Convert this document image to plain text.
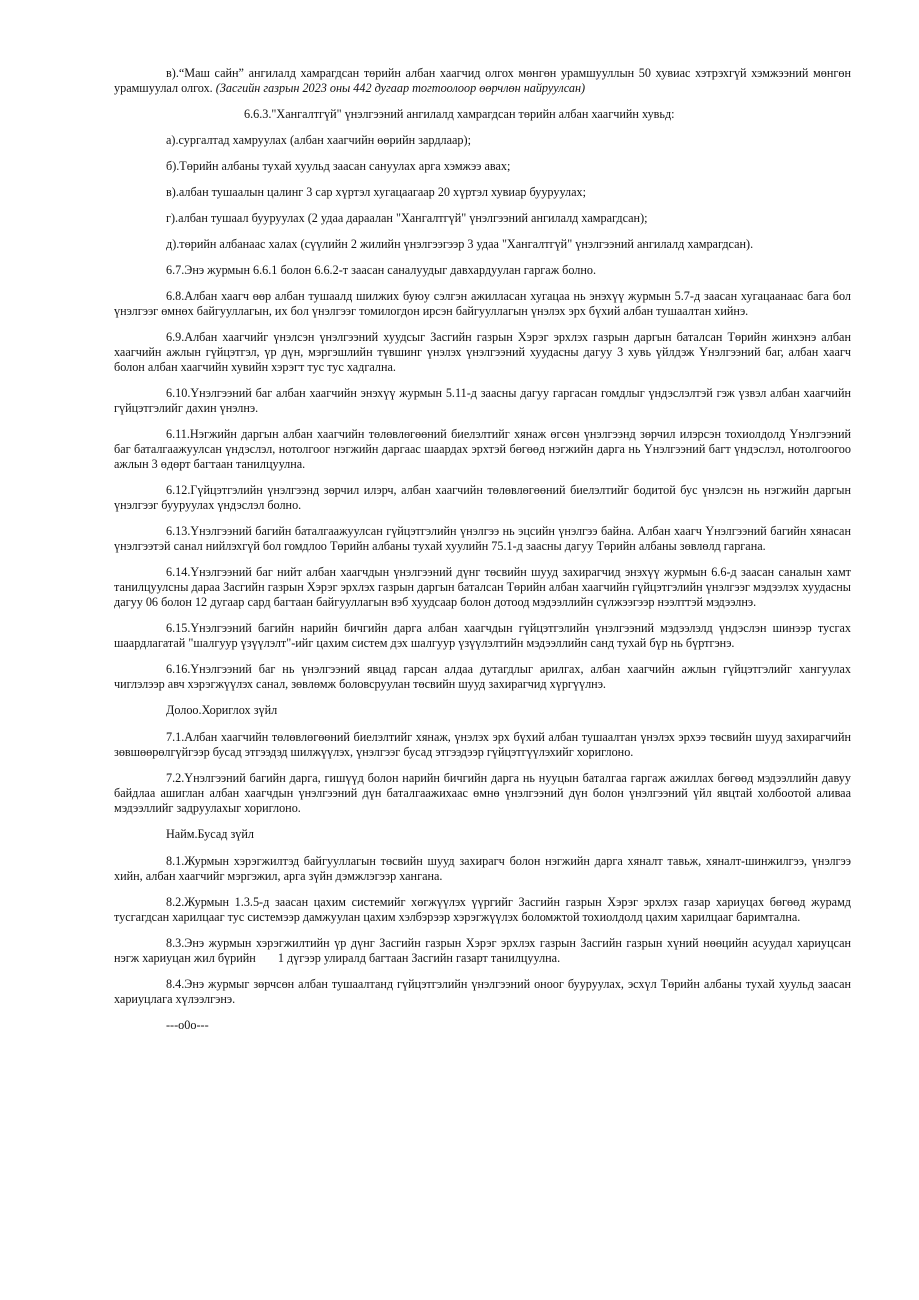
в).“Маш сайн” ангилалд хамрагдсан төрийн албан хаагчид олгох мөнгөн урамшууллын 50 хувиас хэтрэхгүй хэмжээний мөнгөн урамшуулал олгох. (Засгийн газрын 2023 оны 442 дугаар тогтоолоор өөрчлөн найруулсан)

6.6.3."Хангалтгүй" үнэлгээний ангилалд хамрагдсан төрийн албан хаагчийн хувьд:

а).сургалтад хамруулах (албан хаагчийн өөрийн зардлаар);

б).Төрийн албаны тухай хуульд заасан сануулах арга хэмжээ авах;

в).албан тушаалын цалинг 3 сар хүртэл хугацаагаар 20 хүртэл хувиар бууруулах;

г).албан тушаал бууруулах (2 удаа дараалан "Хангалтгүй" үнэлгээний ангилалд хамрагдсан);

д).төрийн албанаас халах (сүүлийн 2 жилийн үнэлгээгээр 3 удаа "Хангалтгүй" үнэлгээний ангилалд хамрагдсан).

6.7.Энэ журмын 6.6.1 болон 6.6.2-т заасан саналуудыг давхардуулан гаргаж болно.

6.8.Албан хаагч өөр албан тушаалд шилжих буюу сэлгэн ажилласан хугацаа нь энэхүү журмын 5.7-д заасан хугацаанаас бага бол үнэлгээг өмнөх байгууллагын, их бол үнэлгээг томилогдон ирсэн байгууллагын үнэлэх эрх бүхий албан тушаалтан хийнэ.

6.9.Албан хаагчийг үнэлсэн үнэлгээний хуудсыг Засгийн газрын Хэрэг эрхлэх газрын даргын баталсан Төрийн жинхэнэ албан хаагчийн ажлын гүйцэтгэл, үр дүн, мэргэшлийн түвшинг үнэлэх үнэлгээний хуудасны дагуу 3 хувь үйлдэж Үнэлгээний баг, албан хаагч болон албан хаагчийн хувийн хэрэгт тус тус хадгална.

6.10.Үнэлгээний баг албан хаагчийн энэхүү журмын 5.11-д заасны дагуу гаргасан гомдлыг үндэслэлтэй гэж үзвэл албан хаагчийн гүйцэтгэлийг дахин үнэлнэ.

6.11.Нэгжийн даргын албан хаагчийн төлөвлөгөөний биелэлтийг хянаж өгсөн үнэлгээнд зөрчил илэрсэн тохиолдолд Үнэлгээний баг баталгаажуулсан үндэслэл, нотолгоог нэгжийн даргаас шаардах эрхтэй бөгөөд нэгжийн дарга нь Үнэлгээний багт үндэслэл, нотолгоогоо ажлын 3 өдөрт багтаан танилцуулна.

6.12.Гүйцэтгэлийн үнэлгээнд зөрчил илэрч, албан хаагчийн төлөвлөгөөний биелэлтийг бодитой бус үнэлсэн нь нэгжийн даргын үнэлгээг бууруулах үндэслэл болно.

6.13.Үнэлгээний багийн баталгаажуулсан гүйцэтгэлийн үнэлгээ нь эцсийн үнэлгээ байна. Албан хаагч Үнэлгээний багийн хянасан үнэлгээтэй санал нийлэхгүй бол гомдлоо Төрийн албаны тухай хуулийн 75.1-д заасны дагуу Төрийн албаны зөвлөлд гаргана.

6.14.Үнэлгээний баг нийт албан хаагчдын үнэлгээний дүнг төсвийн шууд захирагчид энэхүү журмын 6.6-д заасан саналын хамт танилцуулсны дараа Засгийн газрын Хэрэг эрхлэх газрын даргын баталсан Төрийн албан хаагчийн гүйцэтгэлийн үнэлгээг мэдээлэх хуудасны дагуу 06 болон 12 дугаар сард багтаан байгууллагын вэб хуудсаар болон дотоод мэдээллийн сүлжээгээр нээлттэй мэдээлнэ.

6.15.Үнэлгээний багийн нарийн бичгийн дарга албан хаагчдын гүйцэтгэлийн үнэлгээний мэдээлэлд үндэслэн шинээр тусгах шаардлагатай "шалгуур үзүүлэлт"-ийг цахим систем дэх шалгуур үзүүлэлтийн мэдээллийн санд тухай бүр нь бүртгэнэ.

6.16.Үнэлгээний баг нь үнэлгээний явцад гарсан алдаа дутагдлыг арилгах, албан хаагчийн ажлын гүйцэтгэлийг хангуулах чиглэлээр авч хэрэгжүүлэх санал, зөвлөмж боловсруулан төсвийн шууд захирагчид хүргүүлнэ.

Долоо.Хориглох зүйл

7.1.Албан хаагчийн төлөвлөгөөний биелэлтийг хянаж, үнэлэх эрх бүхий албан тушаалтан үнэлэх эрхээ төсвийн шууд захирагчийн зөвшөөрөлгүйгээр бусад этгээдэд шилжүүлэх, үнэлгээг бусад этгээдээр гүйцэтгүүлэхийг хориглоно.

7.2.Үнэлгээний багийн дарга, гишүүд болон нарийн бичгийн дарга нь нууцын баталгаа гаргаж ажиллах бөгөөд мэдээллийн давуу байдлаа ашиглан албан хаагчдын үнэлгээний дүн баталгаажихаас өмнө үнэлгээний дүн болон үнэлгээний үйл явцтай холбоотой аливаа мэдээллийг задруулахыг хориглоно.

Найм.Бусад зүйл

8.1.Журмын хэрэгжилтэд байгууллагын төсвийн шууд захирагч болон нэгжийн дарга хяналт тавьж, хяналт-шинжилгээ, үнэлгээ хийн, албан хаагчийг мэргэжил, арга зүйн дэмжлэгээр хангана.

8.2.Журмын 1.3.5-д заасан цахим системийг хөгжүүлэх үүргийг Засгийн газрын Хэрэг эрхлэх газар хариуцах бөгөөд журамд тусгагдсан харилцааг тус системээр дамжуулан цахим хэлбэрээр хэрэгжүүлэх боломжтой тохиолдолд цахим харилцааг баримтална.

8.3.Энэ журмын хэрэгжилтийн үр дүнг Засгийн газрын Хэрэг эрхлэх газрын Засгийн газрын хүний нөөцийн асуудал хариуцсан нэгж хариуцан жил бүрийн 1 дүгээр улиралд багтаан Засгийн газарт танилцуулна.

8.4.Энэ журмыг зөрчсөн албан тушаалтанд гүйцэтгэлийн үнэлгээний оноог бууруулах, эсхүл Төрийн албаны тухай хуульд заасан хариуцлага хүлээлгэнэ.

---o0o---
